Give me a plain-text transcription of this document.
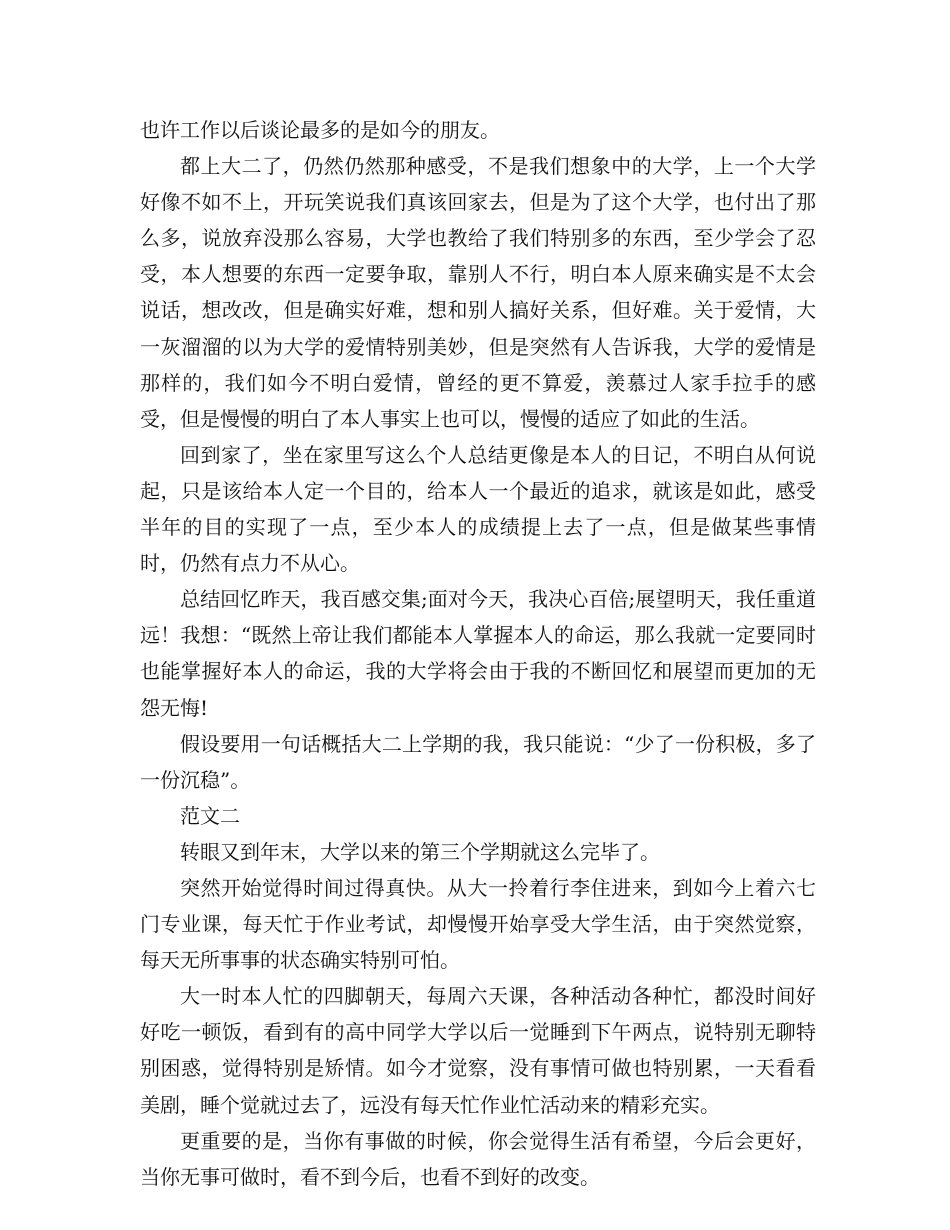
也许工作以后谈论最多的是如今的朋友。

都上大二了，仍然仍然那种感受，不是我们想象中的大学，上一个大学好像不如不上，开玩笑说我们真该回家去，但是为了这个大学，也付出了那么多，说放弃没那么容易，大学也教给了我们特别多的东西，至少学会了忍受，本人想要的东西一定要争取，靠别人不行，明白本人原来确实是不太会说话，想改改，但是确实好难，想和别人搞好关系，但好难。关于爱情，大一灰溜溜的以为大学的爱情特别美妙，但是突然有人告诉我，大学的爱情是那样的，我们如今不明白爱情，曾经的更不算爱，羡慕过人家手拉手的感受，但是慢慢的明白了本人事实上也可以，慢慢的适应了如此的生活。

回到家了，坐在家里写这么个人总结更像是本人的日记，不明白从何说起，只是该给本人定一个目的，给本人一个最近的追求，就该是如此，感受半年的目的实现了一点，至少本人的成绩提上去了一点，但是做某些事情时，仍然有点力不从心。

总结回忆昨天，我百感交集;面对今天，我决心百倍;展望明天，我任重道远！我想：“既然上帝让我们都能本人掌握本人的命运，那么我就一定要同时也能掌握好本人的命运，我的大学将会由于我的不断回忆和展望而更加的无怨无悔!

假设要用一句话概括大二上学期的我，我只能说：“少了一份积极，多了一份沉稳”。

范文二

转眼又到年末，大学以来的第三个学期就这么完毕了。

突然开始觉得时间过得真快。从大一拎着行李住进来，到如今上着六七门专业课，每天忙于作业考试，却慢慢开始享受大学生活，由于突然觉察，每天无所事事的状态确实特别可怕。

大一时本人忙的四脚朝天，每周六天课，各种活动各种忙，都没时间好好吃一顿饭，看到有的高中同学大学以后一觉睡到下午两点，说特别无聊特别困惑，觉得特别是矫情。如今才觉察，没有事情可做也特别累，一天看看美剧，睡个觉就过去了，远没有每天忙作业忙活动来的精彩充实。

更重要的是，当你有事做的时候，你会觉得生活有希望，今后会更好，当你无事可做时，看不到今后，也看不到好的改变。
